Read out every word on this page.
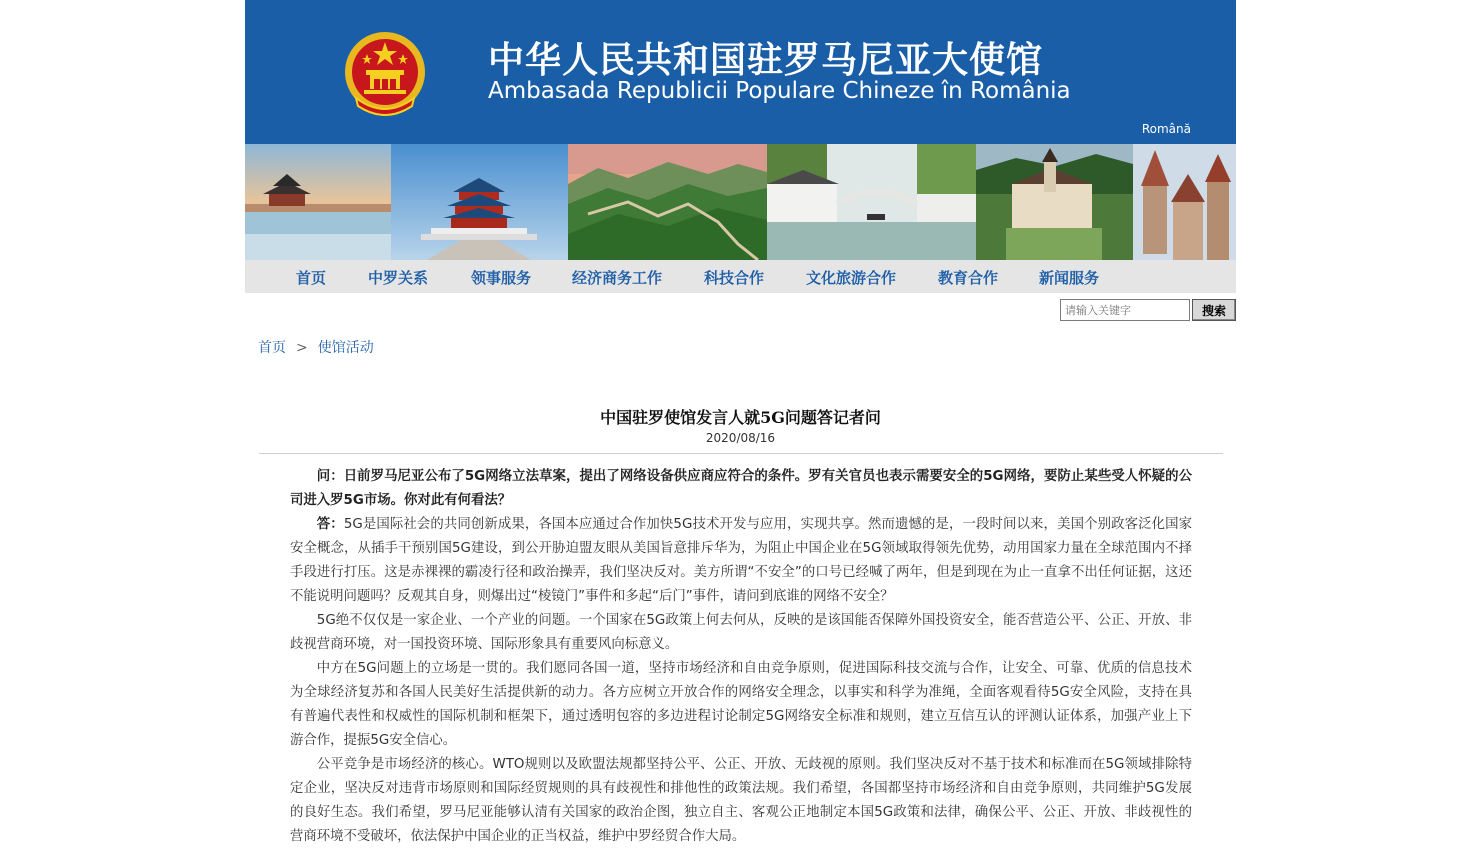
中华人民共和国驻罗马尼亚大使馆
Ambasada Republicii Populare Chineze în România
Română
首页	中罗关系	领事服务	经济商务工作	科技合作	文化旅游合作	教育合作	新闻服务
请输入关键字
搜索
首页 > 使馆活动
中国驻罗使馆发言人就5G问题答记者问
2020/08/16

问：日前罗马尼亚公布了5G网络立法草案，提出了网络设备供应商应符合的条件。罗有关官员也表示需要安全的5G网络，要防止某些受人怀疑的公司进入罗5G市场。你对此有何看法？

答：5G是国际社会的共同创新成果，各国本应通过合作加快5G技术开发与应用，实现共享。然而遗憾的是，一段时间以来，美国个别政客泛化国家安全概念，从插手干预别国5G建设，到公开胁迫盟友眼从美国旨意排斥华为，为阻止中国企业在5G领域取得领先优势，动用国家力量在全球范围内不择手段进行打压。这是赤裸裸的霸凌行径和政治操弄，我们坚决反对。美方所谓“不安全”的口号已经喊了两年，但是到现在为止一直拿不出任何证据，这还不能说明问题吗？反观其自身，则爆出过“棱镜门”事件和多起“后门”事件，请问到底谁的网络不安全？

5G绝不仅仅是一家企业、一个产业的问题。一个国家在5G政策上何去何从，反映的是该国能否保障外国投资安全，能否营造公平、公正、开放、非歧视营商环境，对一国投资环境、国际形象具有重要风向标意义。

中方在5G问题上的立场是一贯的。我们愿同各国一道，坚持市场经济和自由竞争原则，促进国际科技交流与合作，让安全、可靠、优质的信息技术为全球经济复苏和各国人民美好生活提供新的动力。各方应树立开放合作的网络安全理念，以事实和科学为准绳，全面客观看待5G安全风险，支持在具有普遍代表性和权威性的国际机制和框架下，通过透明包容的多边进程讨论制定5G网络安全标准和规则，建立互信互认的评测认证体系，加强产业上下游合作，提振5G安全信心。

公平竞争是市场经济的核心。WTO规则以及欧盟法规都坚持公平、公正、开放、无歧视的原则。我们坚决反对不基于技术和标准而在5G领域排除特定企业，坚决反对违背市场原则和国际经贸规则的具有歧视性和排他性的政策法规。我们希望，各国都坚持市场经济和自由竞争原则，共同维护5G发展的良好生态。我们希望，罗马尼亚能够认清有关国家的政治企图，独立自主、客观公正地制定本国5G政策和法律，确保公平、公正、开放、非歧视性的营商环境不受破坏，依法保护中国企业的正当权益，维护中罗经贸合作大局。
